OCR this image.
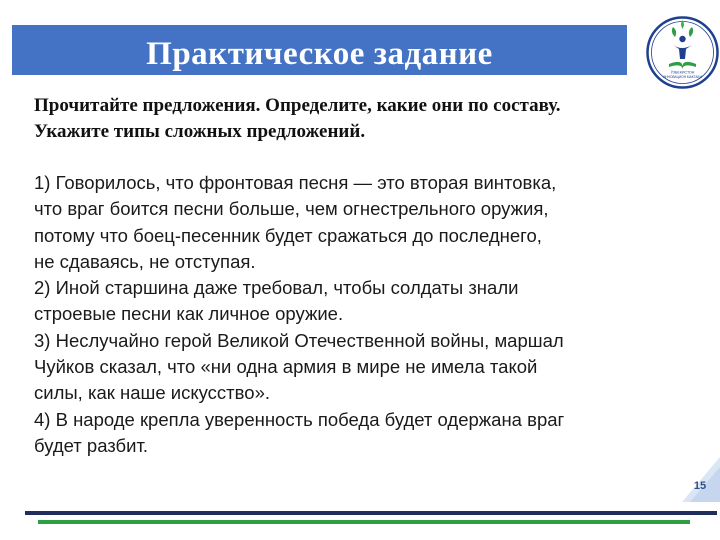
Практическое задание
ЎЗБЕКИСТОН
ИННОВАЦИОН МАКТАБИ
Прочитайте предложения. Определите, какие они по составу.
Укажите типы сложных предложений.
1) Говорилось, что фронтовая песня — это вторая винтовка,
что враг боится песни больше, чем огнестрельного оружия,
потому что боец-песенник будет сражаться до последнего,
не сдаваясь, не отступая.
2) Иной старшина даже требовал, чтобы солдаты знали
строевые песни как личное оружие.
3) Неслучайно герой Великой Отечественной войны, маршал
Чуйков сказал, что «ни одна армия в мире не имела такой
силы, как наше искусство».
4) В народе крепла уверенность победа будет одержана враг
будет разбит.
15
